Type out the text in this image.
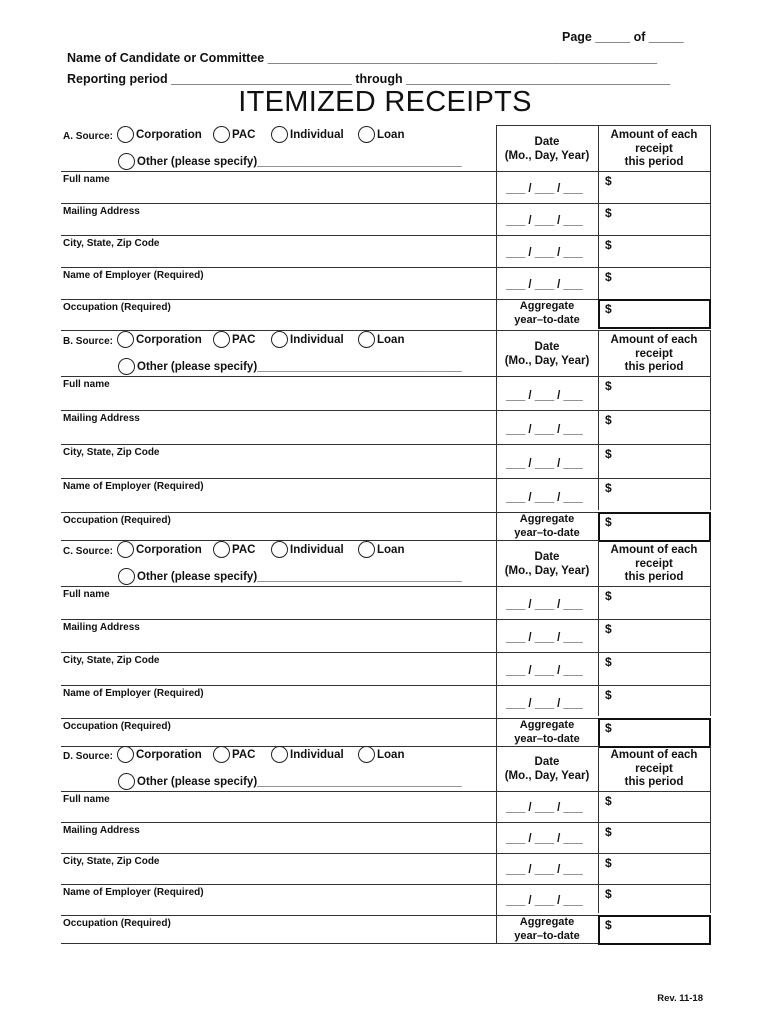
Page _____ of _____
Name of Candidate or Committee ________________________________________________________
Reporting period __________________________ through ______________________________________
ITEMIZED RECEIPTS
A. Source: Corporation	PAC	Individual	Loan
Other (please specify)________________________________
Date
(Mo., Day, Year)
Amount of each
receipt
this period
Full name
___ / ___ / ___
$
Mailing Address
___ / ___ / ___
$
City, State, Zip Code
___ / ___ / ___
$
Name of Employer (Required)
___ / ___ / ___
$
Occupation (Required)	Aggregate
year–to-date
$
B. Source: Corporation	PAC	Individual	Loan
Other (please specify)________________________________
Date
(Mo., Day, Year)
Amount of each
receipt
this period
Full name
___ / ___ / ___
$
Mailing Address
___ / ___ / ___
$
City, State, Zip Code
___ / ___ / ___
$
Name of Employer (Required)
___ / ___ / ___
$
Occupation (Required)	Aggregate
year–to-date
$
C. Source: Corporation	PAC	Individual	Loan
Other (please specify)________________________________
Date
(Mo., Day, Year)
Amount of each
receipt
this period
Full name
___ / ___ / ___
$
Mailing Address
___ / ___ / ___
$
City, State, Zip Code
___ / ___ / ___
$
Name of Employer (Required)
___ / ___ / ___
$
Occupation (Required)	Aggregate
year–to-date
$
D. Source: Corporation	PAC	Individual	Loan
Other (please specify)________________________________
Date
(Mo., Day, Year)
Amount of each
receipt
this period
Full name
___ / ___ / ___ $
Mailing Address
___ / ___ / ___ $
City, State, Zip Code
___ / ___ / ___ $
Name of Employer (Required)
___ / ___ / ___ $
Occupation (Required)	Aggregate
year–to-date
$
Rev. 11-18
